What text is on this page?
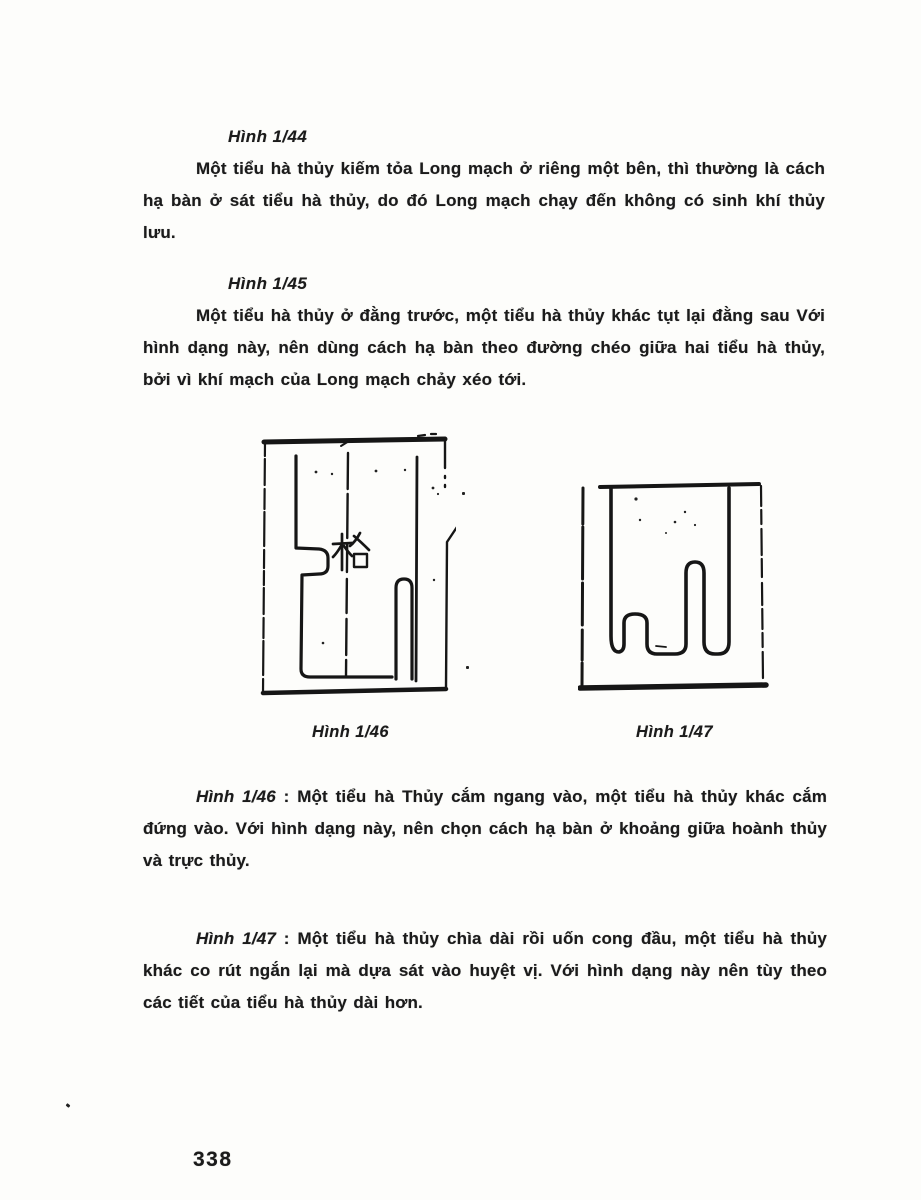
Hình 1/44

Một tiểu hà thủy kiếm tỏa Long mạch ở riêng một bên, thì thường là cách hạ bàn ở sát tiểu hà thủy, do đó Long mạch chạy đến không có sinh khí thủy lưu.

Hình 1/45

Một tiểu hà thủy ở đằng trước, một tiểu hà thủy khác tụt lại đằng sau Với hình dạng này, nên dùng cách hạ bàn theo đường chéo giữa hai tiểu hà thủy, bởi vì khí mạch của Long mạch chảy xéo tới.

Hình 1/46	Hình 1/47

Hình 1/46 : Một tiểu hà Thủy cắm ngang vào, một tiểu hà thủy khác cắm đứng vào. Với hình dạng này, nên chọn cách hạ bàn ở khoảng giữa hoành thủy và trực thủy.

Hình 1/47 : Một tiểu hà thủy chìa dài rồi uốn cong đầu, một tiểu hà thủy khác co rút ngắn lại mà dựa sát vào huyệt vị. Với hình dạng này nên tùy theo các tiết của tiểu hà thủy dài hơn.

338
